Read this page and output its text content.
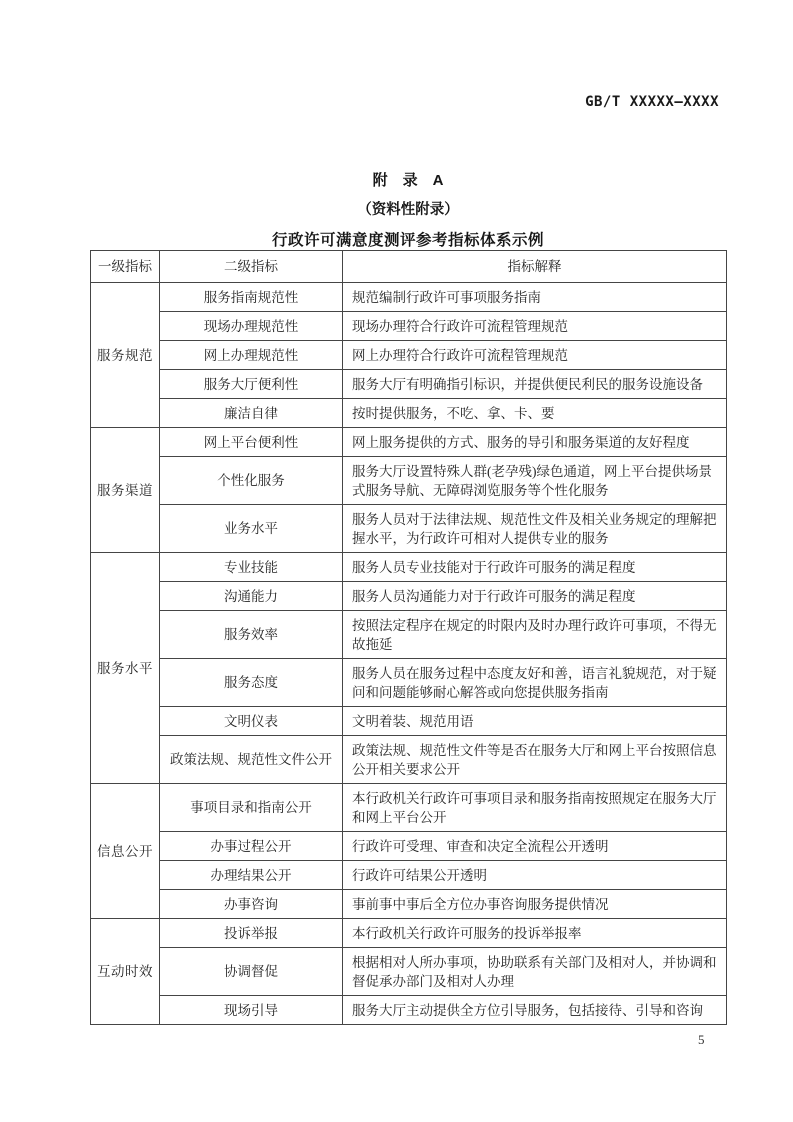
GB/T XXXXX—XXXX
附　录　A
（资料性附录）
行政许可满意度测评参考指标体系示例
一级指标	二级指标	指标解释
服务规范	服务指南规范性	规范编制行政许可事项服务指南
	现场办理规范性	现场办理符合行政许可流程管理规范
	网上办理规范性	网上办理符合行政许可流程管理规范
	服务大厅便利性	服务大厅有明确指引标识，并提供便民利民的服务设施设备
	廉洁自律	按时提供服务，不吃、拿、卡、要
服务渠道	网上平台便利性	网上服务提供的方式、服务的导引和服务渠道的友好程度
	个性化服务	服务大厅设置特殊人群(老孕残)绿色通道，网上平台提供场景式服务导航、无障碍浏览服务等个性化服务
	业务水平	服务人员对于法律法规、规范性文件及相关业务规定的理解把握水平，为行政许可相对人提供专业的服务
服务水平	专业技能	服务人员专业技能对于行政许可服务的满足程度
	沟通能力	服务人员沟通能力对于行政许可服务的满足程度
	服务效率	按照法定程序在规定的时限内及时办理行政许可事项，不得无故拖延
	服务态度	服务人员在服务过程中态度友好和善，语言礼貌规范，对于疑问和问题能够耐心解答或向您提供服务指南
	文明仪表	文明着装、规范用语
	政策法规、规范性文件公开	政策法规、规范性文件等是否在服务大厅和网上平台按照信息公开相关要求公开
信息公开	事项目录和指南公开	本行政机关行政许可事项目录和服务指南按照规定在服务大厅和网上平台公开
	办事过程公开	行政许可受理、审查和决定全流程公开透明
	办理结果公开	行政许可结果公开透明
	办事咨询	事前事中事后全方位办事咨询服务提供情况
互动时效	投诉举报	本行政机关行政许可服务的投诉举报率
	协调督促	根据相对人所办事项，协助联系有关部门及相对人，并协调和督促承办部门及相对人办理
	现场引导	服务大厅主动提供全方位引导服务，包括接待、引导和咨询
5
